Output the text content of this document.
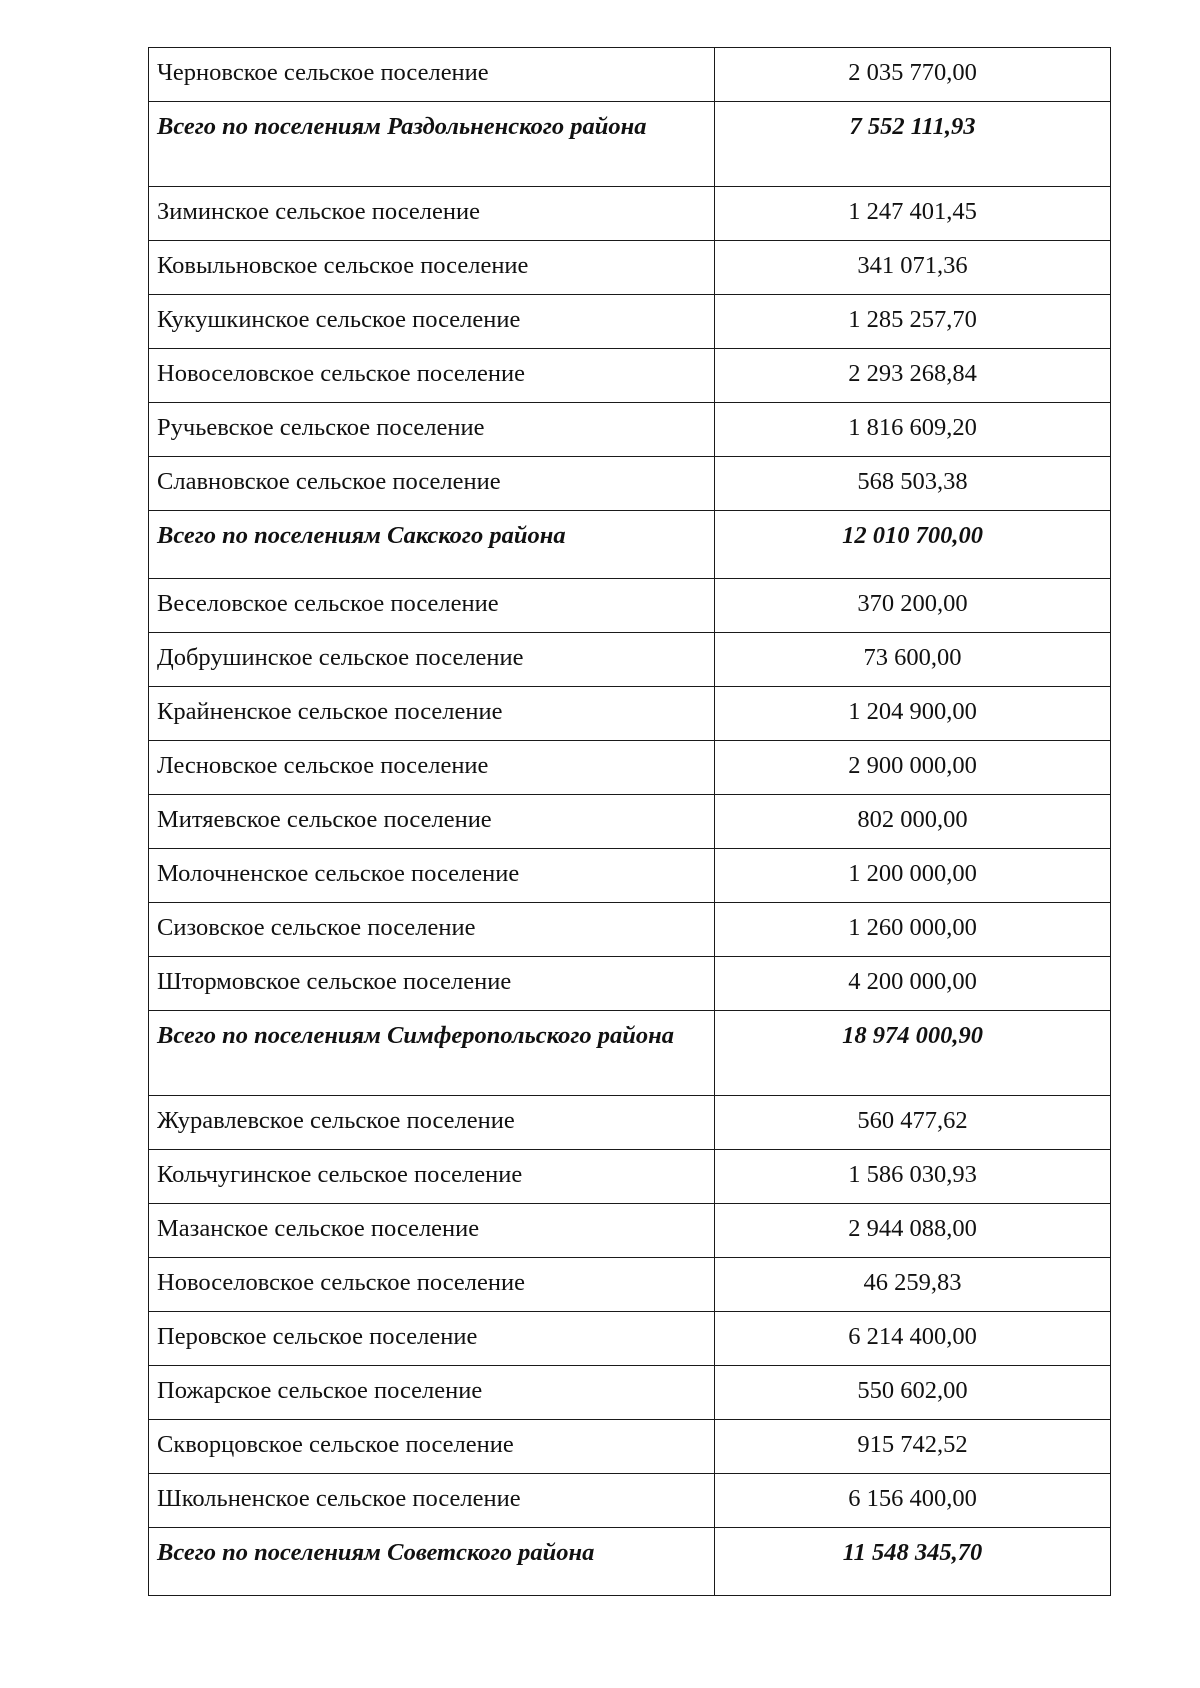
Черновское сельское поселение	2 035 770,00
Всего по поселениям Раздольненского района	7 552 111,93
Зиминское сельское поселение	1 247 401,45
Ковыльновское сельское поселение	341 071,36
Кукушкинское сельское поселение	1 285 257,70
Новоселовское сельское поселение	2 293 268,84
Ручьевское сельское поселение	1 816 609,20
Славновское сельское поселение	568 503,38
Всего по поселениям Сакского района	12 010 700,00
Веселовское сельское поселение	370 200,00
Добрушинское сельское поселение	73 600,00
Крайненское сельское поселение	1 204 900,00
Лесновское сельское поселение	2 900 000,00
Митяевское сельское поселение	802 000,00
Молочненское сельское поселение	1 200 000,00
Сизовское сельское поселение	1 260 000,00
Штормовское сельское поселение	4 200 000,00
Всего по поселениям Симферопольского района	18 974 000,90
Журавлевское сельское поселение	560 477,62
Кольчугинское сельское поселение	1 586 030,93
Мазанское сельское поселение	2 944 088,00
Новоселовское сельское поселение	46 259,83
Перовское сельское поселение	6 214 400,00
Пожарское сельское поселение	550 602,00
Скворцовское сельское поселение	915 742,52
Школьненское сельское поселение	6 156 400,00
Всего по поселениям Советского района	11 548 345,70
